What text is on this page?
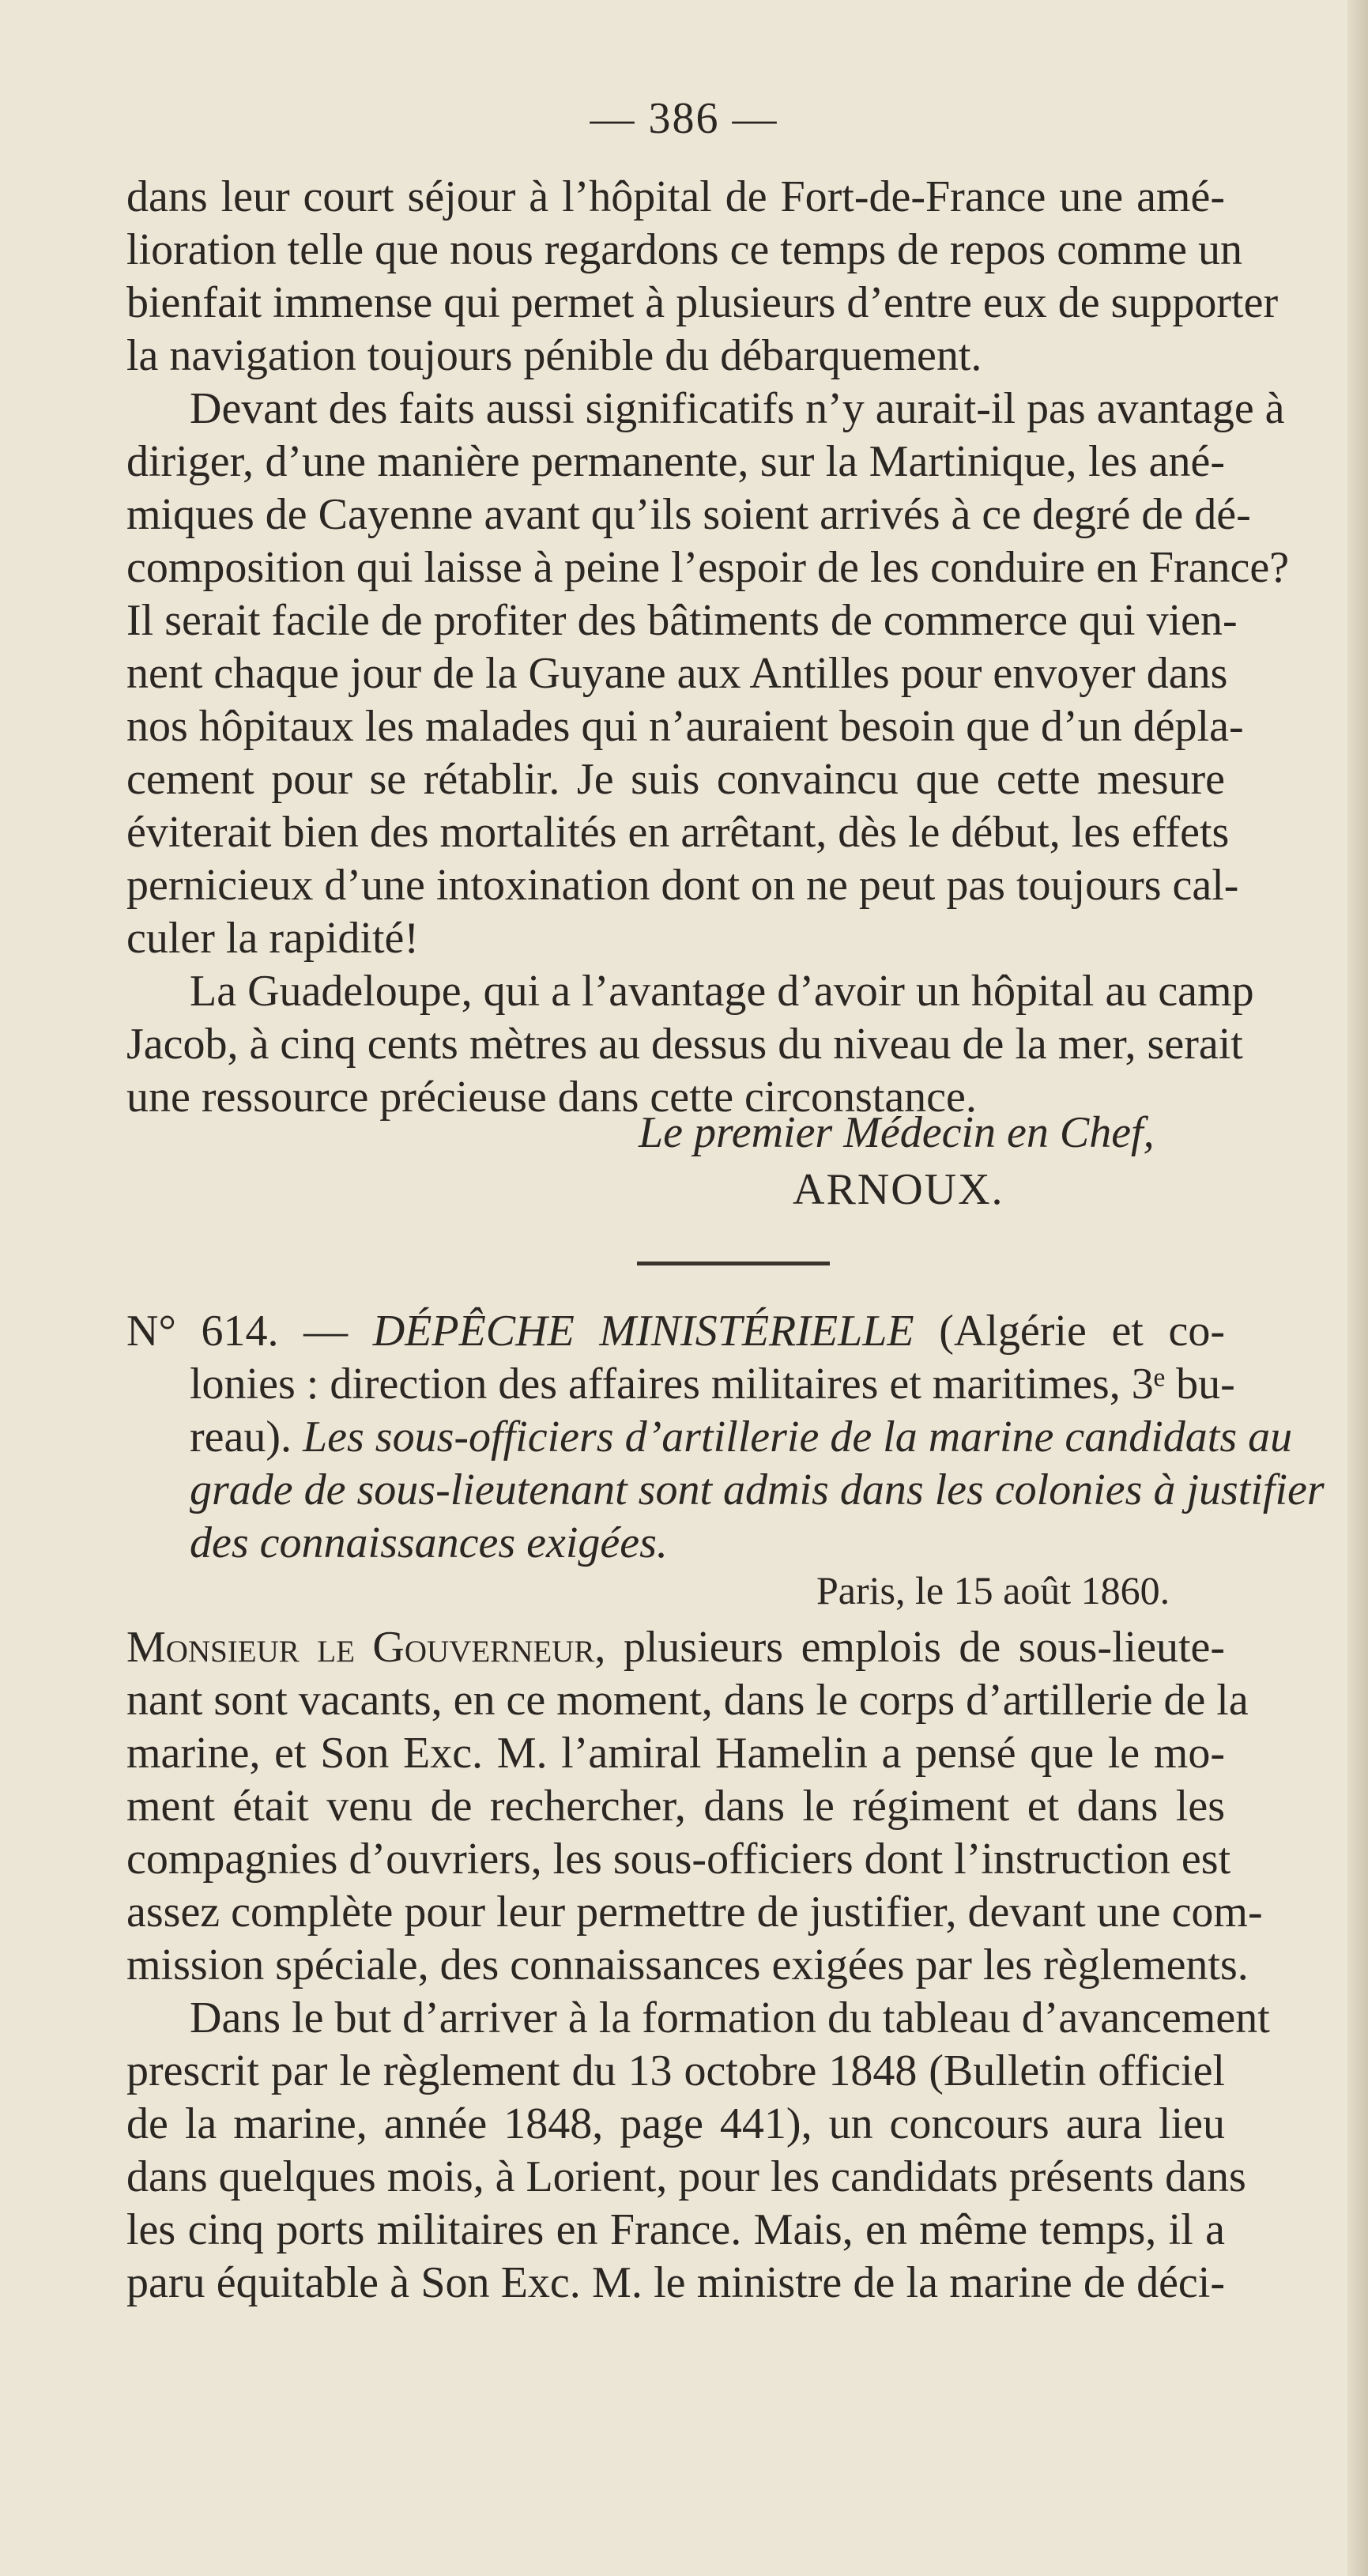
— 386 —
dans leur court séjour à l’hôpital de Fort-de-France une amé-
lioration telle que nous regardons ce temps de repos comme un
bienfait immense qui permet à plusieurs d’entre eux de supporter
la navigation toujours pénible du débarquement.
Devant des faits aussi significatifs n’y aurait-il pas avantage à
diriger, d’une manière permanente, sur la Martinique, les ané-
miques de Cayenne avant qu’ils soient arrivés à ce degré de dé-
composition qui laisse à peine l’espoir de les conduire en France?
Il serait facile de profiter des bâtiments de commerce qui vien-
nent chaque jour de la Guyane aux Antilles pour envoyer dans
nos hôpitaux les malades qui n’auraient besoin que d’un dépla-
cement pour se rétablir. Je suis convaincu que cette mesure
éviterait bien des mortalités en arrêtant, dès le début, les effets
pernicieux d’une intoxination dont on ne peut pas toujours cal-
culer la rapidité!
La Guadeloupe, qui a l’avantage d’avoir un hôpital au camp
Jacob, à cinq cents mètres au dessus du niveau de la mer, serait
une ressource précieuse dans cette circonstance.
Le premier Médecin en Chef,
ARNOUX.
N° 614. — DÉPÊCHE MINISTÉRIELLE (Algérie et co-
lonies : direction des affaires militaires et maritimes, 3ᵉ bu-
reau). Les sous-officiers d’artillerie de la marine candidats au
grade de sous-lieutenant sont admis dans les colonies à justifier
des connaissances exigées.
Paris, le 15 août 1860.
Monsieur le Gouverneur, plusieurs emplois de sous-lieute-
nant sont vacants, en ce moment, dans le corps d’artillerie de la
marine, et Son Exc. M. l’amiral Hamelin a pensé que le mo-
ment était venu de rechercher, dans le régiment et dans les
compagnies d’ouvriers, les sous-officiers dont l’instruction est
assez complète pour leur permettre de justifier, devant une com-
mission spéciale, des connaissances exigées par les règlements.
Dans le but d’arriver à la formation du tableau d’avancement
prescrit par le règlement du 13 octobre 1848 (Bulletin officiel
de la marine, année 1848, page 441), un concours aura lieu
dans quelques mois, à Lorient, pour les candidats présents dans
les cinq ports militaires en France. Mais, en même temps, il a
paru équitable à Son Exc. M. le ministre de la marine de déci-
